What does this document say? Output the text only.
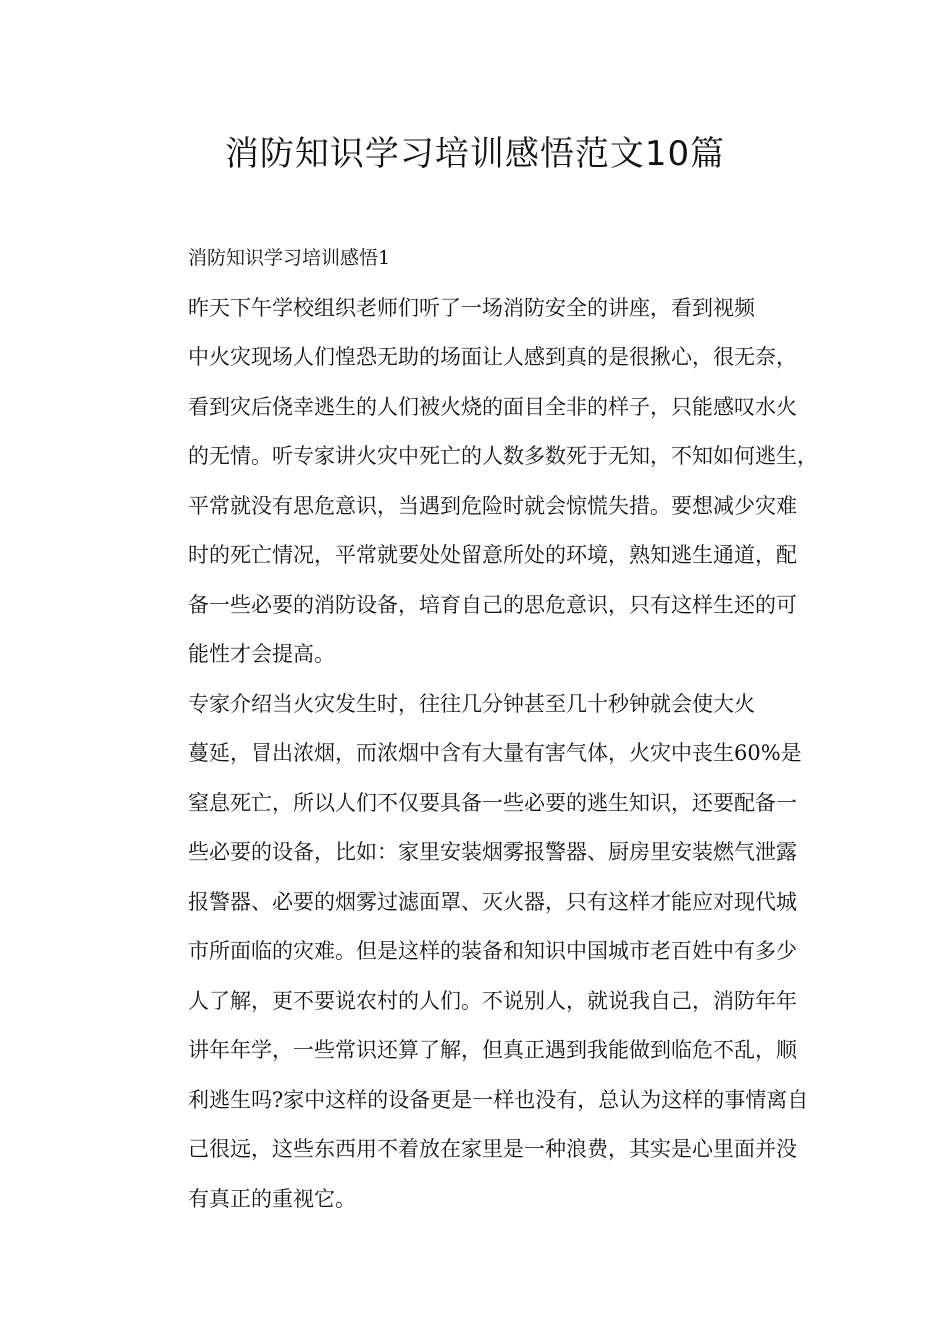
消防知识学习培训感悟范文10篇

消防知识学习培训感悟1

昨天下午学校组织老师们听了一场消防安全的讲座，看到视频
中火灾现场人们惶恐无助的场面让人感到真的是很揪心，很无奈，
看到灾后侥幸逃生的人们被火烧的面目全非的样子，只能感叹水火
的无情。听专家讲火灾中死亡的人数多数死于无知，不知如何逃生，
平常就没有思危意识，当遇到危险时就会惊慌失措。要想减少灾难
时的死亡情况，平常就要处处留意所处的环境，熟知逃生通道，配
备一些必要的消防设备，培育自己的思危意识，只有这样生还的可
能性才会提高。

专家介绍当火灾发生时，往往几分钟甚至几十秒钟就会使大火
蔓延，冒出浓烟，而浓烟中含有大量有害气体，火灾中丧生60%是
窒息死亡，所以人们不仅要具备一些必要的逃生知识，还要配备一
些必要的设备，比如：家里安装烟雾报警器、厨房里安装燃气泄露
报警器、必要的烟雾过滤面罩、灭火器，只有这样才能应对现代城
市所面临的灾难。但是这样的装备和知识中国城市老百姓中有多少
人了解，更不要说农村的人们。不说别人，就说我自己，消防年年
讲年年学，一些常识还算了解，但真正遇到我能做到临危不乱，顺
利逃生吗?家中这样的设备更是一样也没有，总认为这样的事情离自
己很远，这些东西用不着放在家里是一种浪费，其实是心里面并没
有真正的重视它。
